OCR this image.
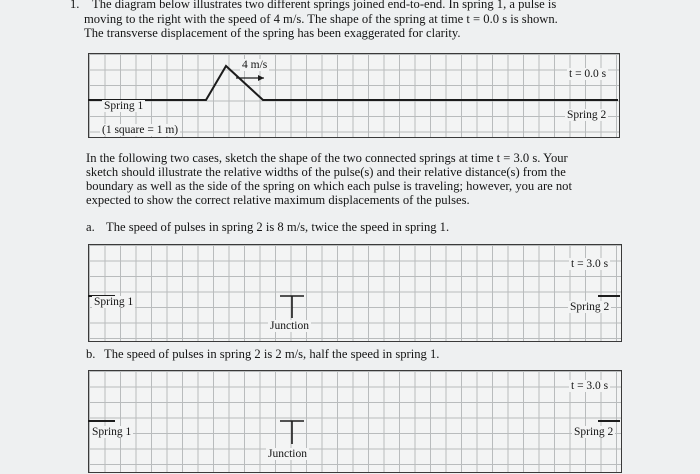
1. The diagram below illustrates two different springs joined end-to-end. In spring 1, a pulse is
moving to the right with the speed of 4 m/s. The shape of the spring at time t = 0.0 s is shown.
The transverse displacement of the spring has been exaggerated for clarity.
4 m/s
t = 0.0 s
Spring 1
Spring 2
(1 square = 1 m)
In the following two cases, sketch the shape of the two connected springs at time t = 3.0 s. Your
sketch should illustrate the relative widths of the pulse(s) and their relative distance(s) from the
boundary as well as the side of the spring on which each pulse is traveling; however, you are not
expected to show the correct relative maximum displacements of the pulses.
a. The speed of pulses in spring 2 is 8 m/s, twice the speed in spring 1.
t = 3.0 s
Spring 1	Spring 2
Junction
b. The speed of pulses in spring 2 is 2 m/s, half the speed in spring 1.
t = 3.0 s
Spring 1	Spring 2
Junction
